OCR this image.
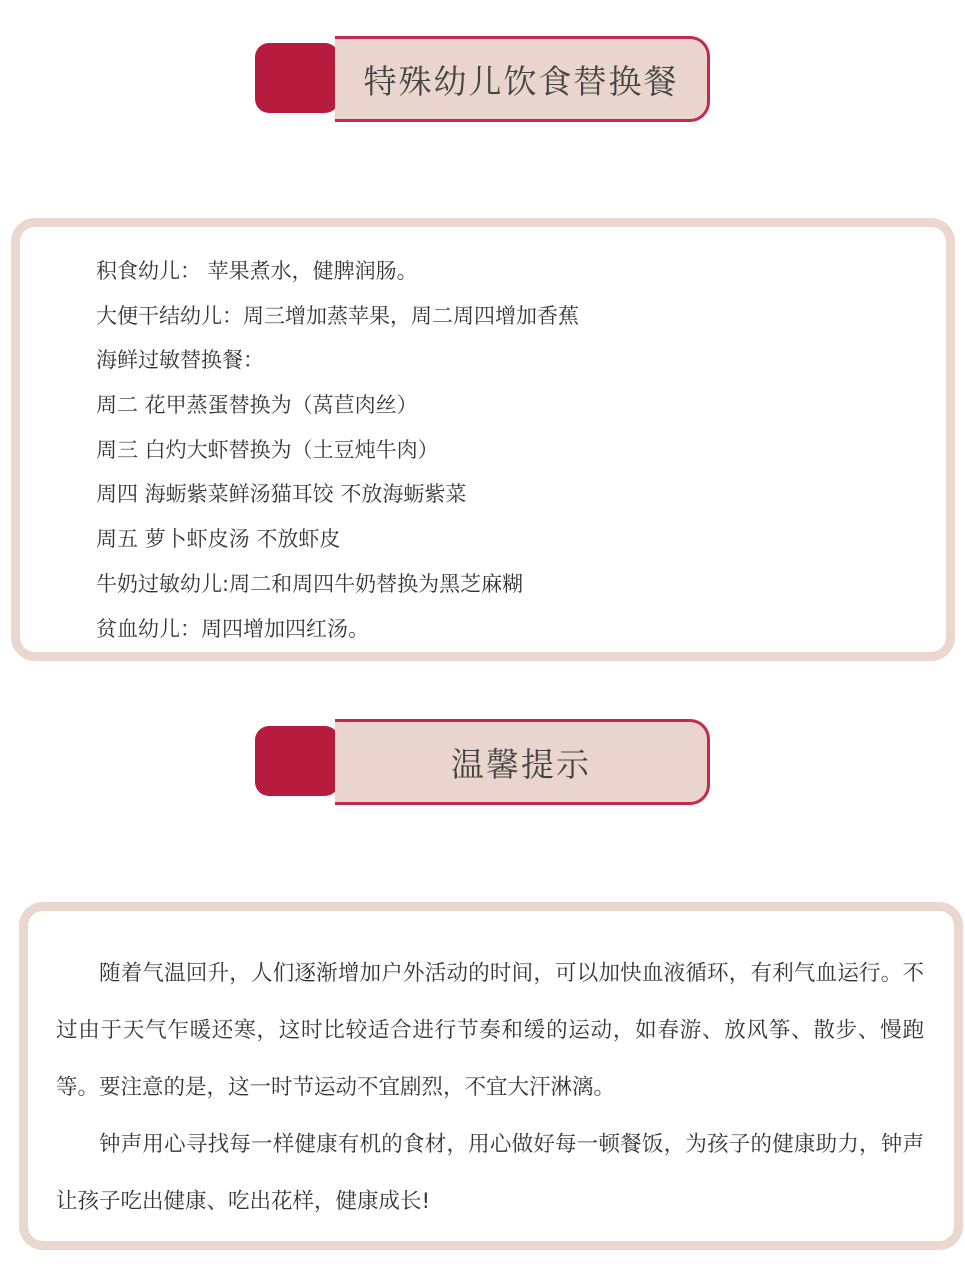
特殊幼儿饮食替换餐
积食幼儿： 苹果煮水，健脾润肠。
大便干结幼儿：周三增加蒸苹果，周二周四增加香蕉
海鲜过敏替换餐：
周二 花甲蒸蛋替换为（莴苣肉丝）
周三 白灼大虾替换为（土豆炖牛肉）
周四 海蛎紫菜鲜汤猫耳饺 不放海蛎紫菜
周五 萝卜虾皮汤 不放虾皮
牛奶过敏幼儿:周二和周四牛奶替换为黑芝麻糊
贫血幼儿：周四增加四红汤。
温馨提示

随着气温回升，人们逐渐增加户外活动的时间，可以加快血液循环，有利气血运行。不过由于天气乍暖还寒，这时比较适合进行节奏和缓的运动，如春游、放风筝、散步、慢跑等。要注意的是，这一时节运动不宜剧烈，不宜大汗淋漓。

钟声用心寻找每一样健康有机的食材，用心做好每一顿餐饭，为孩子的健康助力，钟声让孩子吃出健康、吃出花样，健康成长!
